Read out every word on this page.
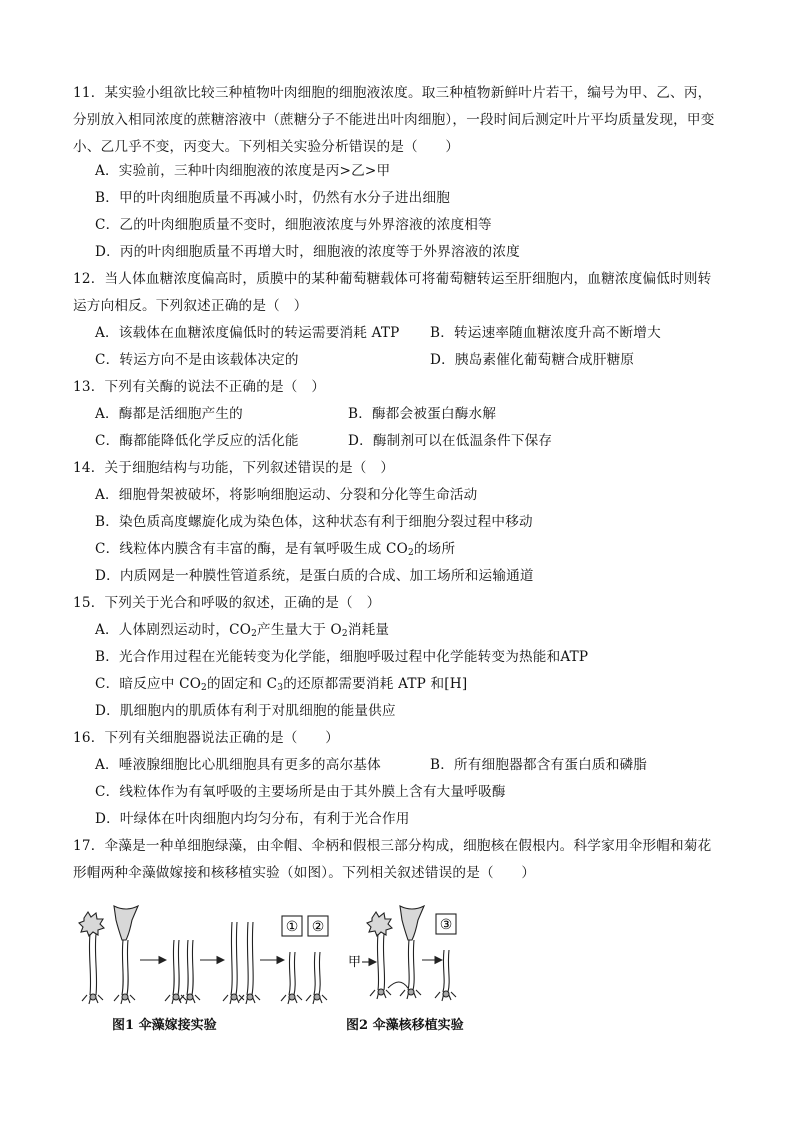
11．某实验小组欲比较三种植物叶肉细胞的细胞液浓度。取三种植物新鲜叶片若干，编号为甲、乙、丙，
分别放入相同浓度的蔗糖溶液中（蔗糖分子不能进出叶肉细胞），一段时间后测定叶片平均质量发现，甲变
小、乙几乎不变，丙变大。下列相关实验分析错误的是（　　）
A．实验前，三种叶肉细胞液的浓度是丙>乙>甲
B．甲的叶肉细胞质量不再减小时，仍然有水分子进出细胞
C．乙的叶肉细胞质量不变时，细胞液浓度与外界溶液的浓度相等
D．丙的叶肉细胞质量不再增大时，细胞液的浓度等于外界溶液的浓度
12．当人体血糖浓度偏高时，质膜中的某种葡萄糖载体可将葡萄糖转运至肝细胞内，血糖浓度偏低时则转
运方向相反。下列叙述正确的是（　）
A．该载体在血糖浓度偏低时的转运需要消耗 ATP B．转运速率随血糖浓度升高不断增大
C．转运方向不是由该载体决定的	D．胰岛素催化葡萄糖合成肝糖原
13．下列有关酶的说法不正确的是（　）
A．酶都是活细胞产生的	B．酶都会被蛋白酶水解
C．酶都能降低化学反应的活化能	D．酶制剂可以在低温条件下保存
14．关于细胞结构与功能，下列叙述错误的是（　）
A．细胞骨架被破坏，将影响细胞运动、分裂和分化等生命活动
B．染色质高度螺旋化成为染色体，这种状态有利于细胞分裂过程中移动
C．线粒体内膜含有丰富的酶，是有氧呼吸生成 $CO_2$的场所
D．内质网是一种膜性管道系统，是蛋白质的合成、加工场所和运输通道
15．下列关于光合和呼吸的叙述，正确的是（　）
A．人体剧烈运动时，$CO_2$产生量大于 $O_2$消耗量
B．光合作用过程在光能转变为化学能，细胞呼吸过程中化学能转变为热能和ATP
C．暗反应中 $CO_2$的固定和 $C_3$的还原都需要消耗 ATP 和[H]
D．肌细胞内的肌质体有利于对肌细胞的能量供应
16．下列有关细胞器说法正确的是（　　）
A．唾液腺细胞比心肌细胞具有更多的高尔基体	B．所有细胞器都含有蛋白质和磷脂
C．线粒体作为有氧呼吸的主要场所是由于其外膜上含有大量呼吸酶
D．叶绿体在叶肉细胞内均匀分布，有利于光合作用
17．伞藻是一种单细胞绿藻，由伞帽、伞柄和假根三部分构成，细胞核在假根内。科学家用伞形帽和菊花
形帽两种伞藻做嫁接和核移植实验（如图）。下列相关叙述错误的是（　　）
① ②	③
甲
图1 伞藻嫁接实验	图2 伞藻核移植实验
